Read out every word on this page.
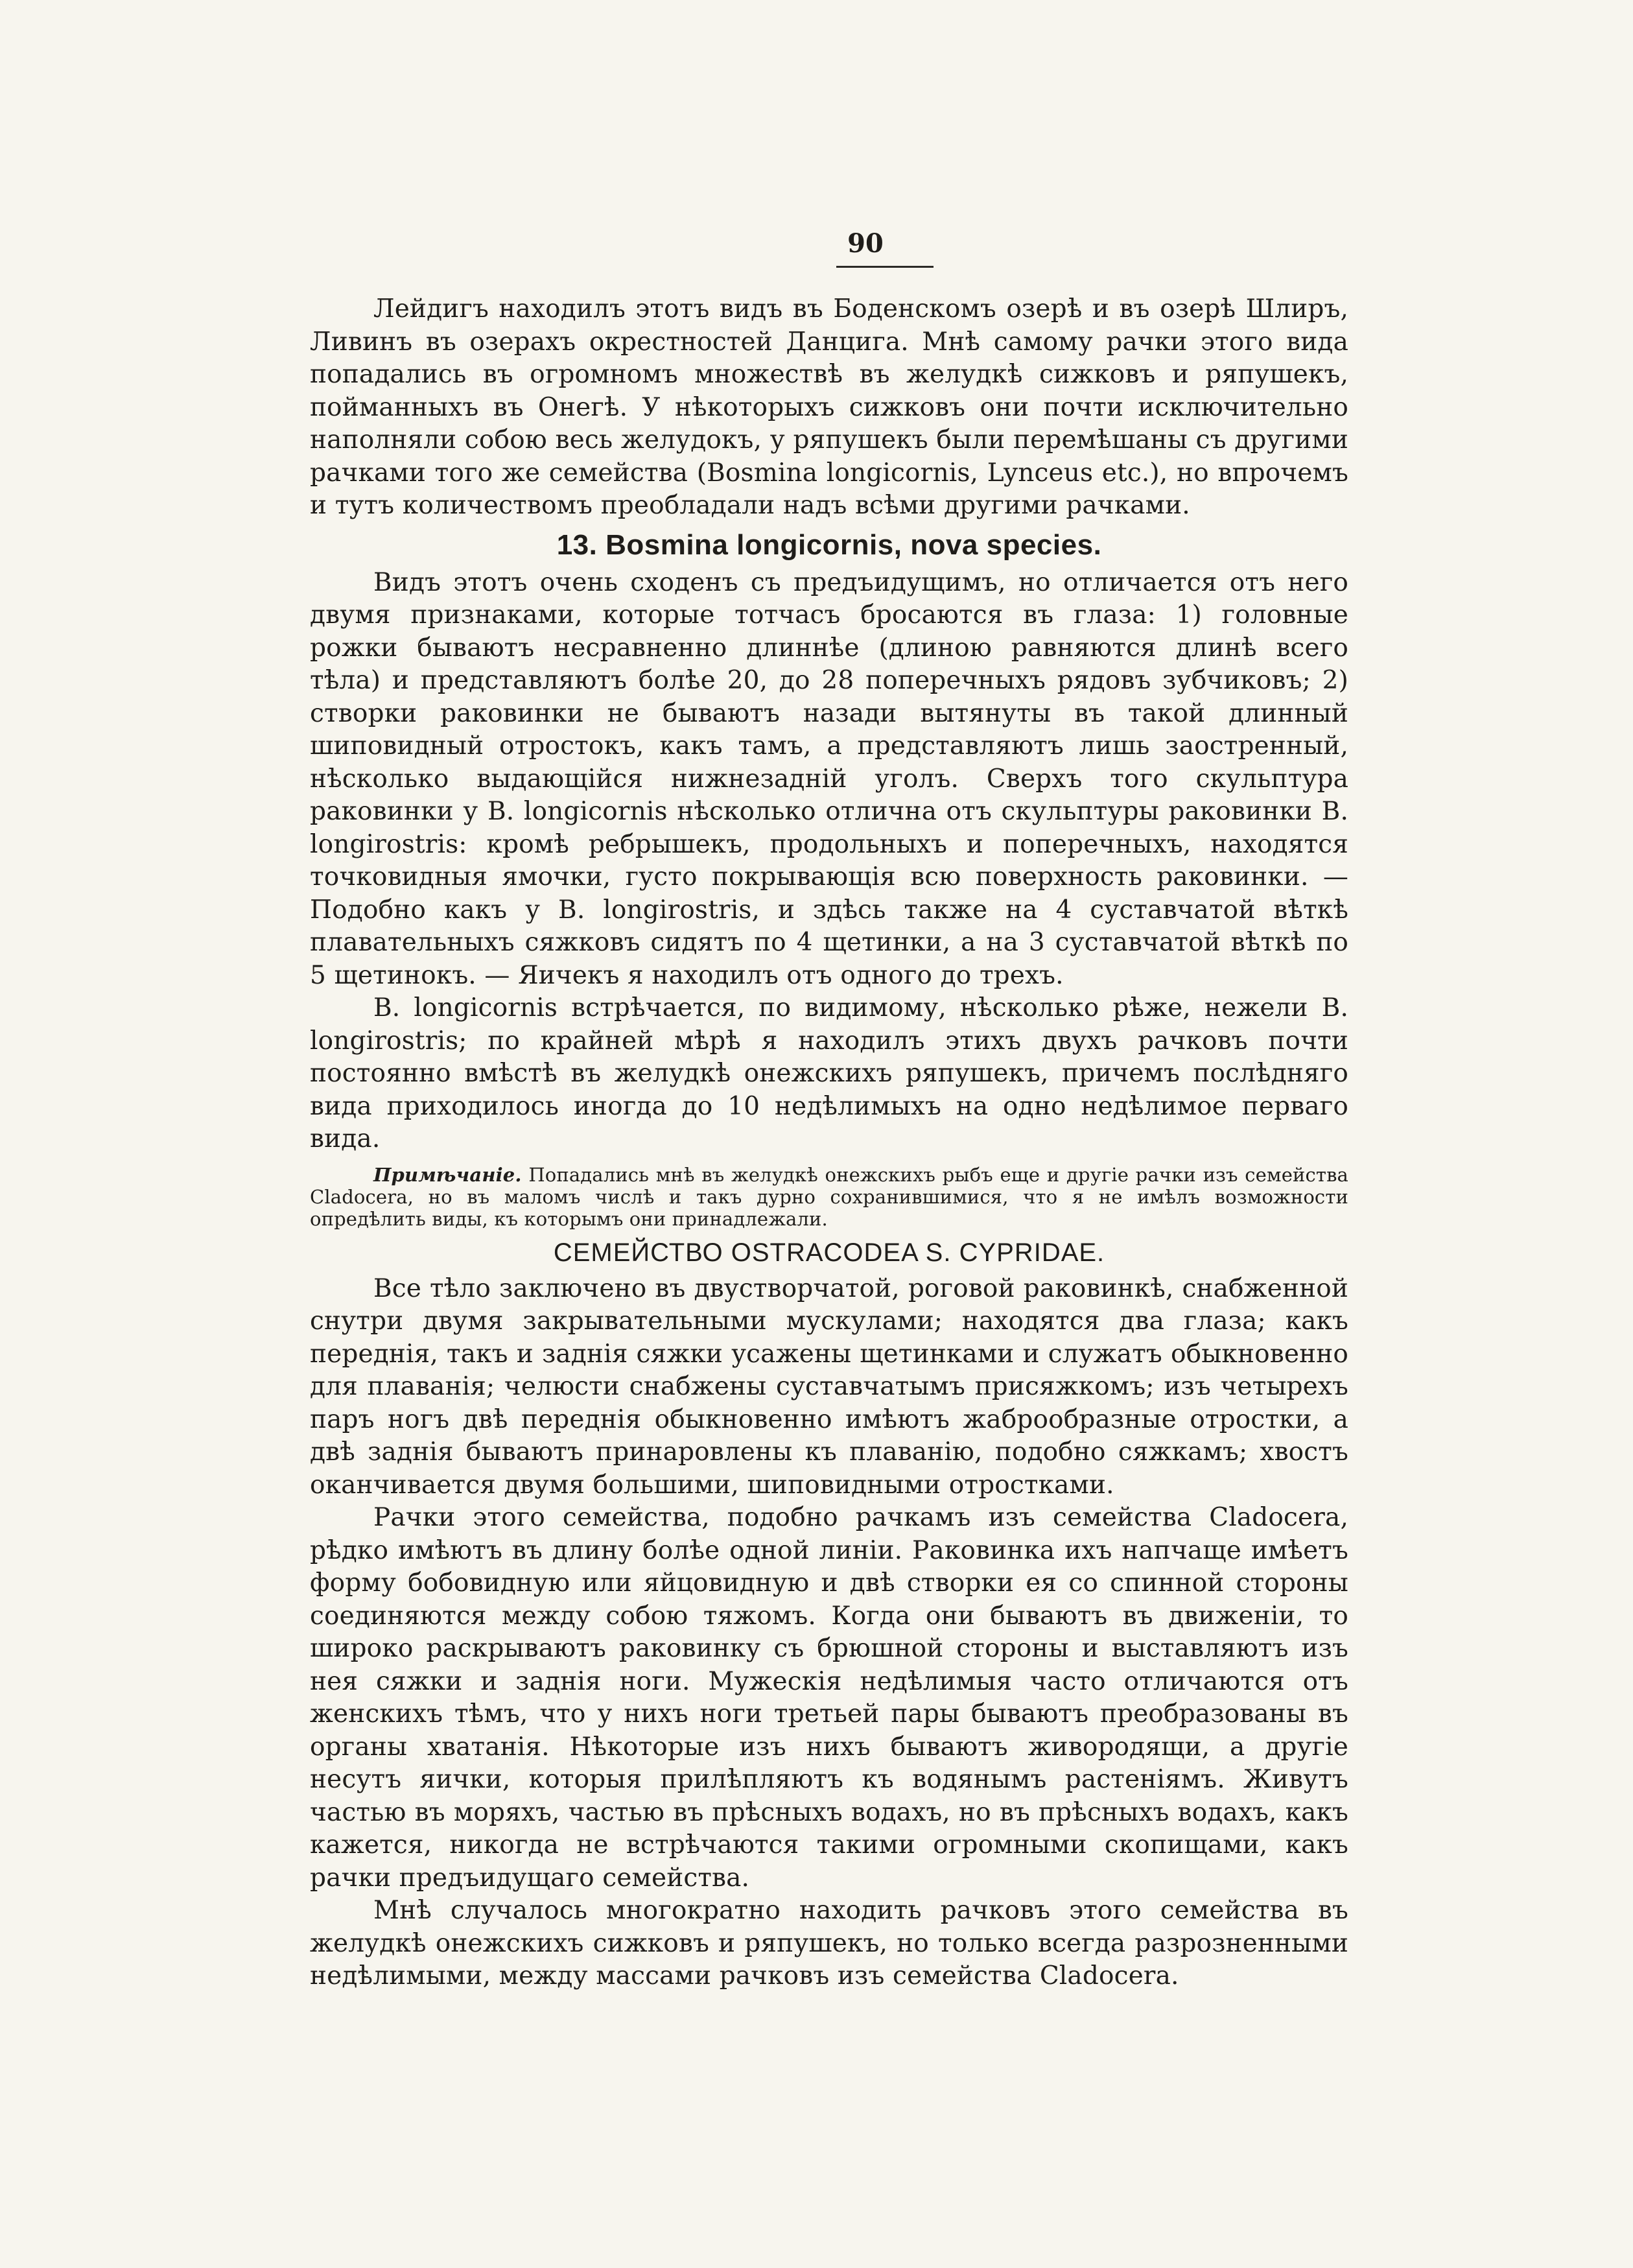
90

Лейдигъ находилъ этотъ видъ въ Боденскомъ озерѣ и въ озерѣ Шлиръ, Ливинъ въ озерахъ окрестностей Данцига. Мнѣ самому рачки этого вида попадались въ огромномъ множествѣ въ желудкѣ сижковъ и ряпушекъ, пойманныхъ въ Онегѣ. У нѣкоторыхъ сижковъ они почти исключительно наполняли собою весь желудокъ, у ряпушекъ были перемѣшаны съ другими рачками того же семейства (Bosmina longicornis, Lynceus etc.), но впрочемъ и тутъ количествомъ преобладали надъ всѣми другими рачками.

13. Bosmina longicornis, nova species.

Видъ этотъ очень сходенъ съ предъидущимъ, но отличается отъ него двумя признаками, которые тотчасъ бросаются въ глаза: 1) головные рожки бываютъ несравненно длиннѣе (длиною равняются длинѣ всего тѣла) и представляютъ болѣе 20, до 28 поперечныхъ рядовъ зубчиковъ; 2) створки раковинки не бываютъ назади вытянуты въ такой длинный шиповидный отростокъ, какъ тамъ, а представляютъ лишь заостренный, нѣсколько выдающійся нижнезадній уголъ. Сверхъ того скульптура раковинки у B. longicornis нѣсколько отлична отъ скульптуры раковинки B. longirostris: кромѣ ребрышекъ, продольныхъ и поперечныхъ, находятся точковидныя ямочки, густо покрывающія всю поверхность раковинки. — Подобно какъ у B. longirostris, и здѣсь также на 4 суставчатой вѣткѣ плавательныхъ сяжковъ сидятъ по 4 щетинки, а на 3 суставчатой вѣткѣ по 5 щетинокъ. — Яичекъ я находилъ отъ одного до трехъ.

B. longicornis встрѣчается, по видимому, нѣсколько рѣже, нежели B. longirostris; по крайней мѣрѣ я находилъ этихъ двухъ рачковъ почти постоянно вмѣстѣ въ желудкѣ онежскихъ ряпушекъ, причемъ послѣдняго вида приходилось иногда до 10 недѣлимыхъ на одно недѣлимое перваго вида.

Примѣчаніе. Попадались мнѣ въ желудкѣ онежскихъ рыбъ еще и другіе рачки изъ семейства Cladocera, но въ маломъ числѣ и такъ дурно сохранившимися, что я не имѣлъ возможности опредѣлить виды, къ которымъ они принадлежали.

СЕМЕЙСТВО OSTRACODEA S. CYPRIDAE.

Все тѣло заключено въ двустворчатой, роговой раковинкѣ, снабженной снутри двумя закрывательными мускулами; находятся два глаза; какъ переднія, такъ и заднія сяжки усажены щетинками и служатъ обыкновенно для плаванія; челюсти снабжены суставчатымъ присяжкомъ; изъ четырехъ паръ ногъ двѣ переднія обыкновенно имѣютъ жаброобразные отростки, а двѣ заднія бываютъ принаровлены къ плаванію, подобно сяжкамъ; хвостъ оканчивается двумя большими, шиповидными отростками.

Рачки этого семейства, подобно рачкамъ изъ семейства Cladocera, рѣдко имѣютъ въ длину болѣе одной линіи. Раковинка ихъ напчаще имѣетъ форму бобовидную или яйцовидную и двѣ створки ея со спинной стороны соединяются между собою тяжомъ. Когда они бываютъ въ движеніи, то широко раскрываютъ раковинку съ брюшной стороны и выставляютъ изъ нея сяжки и заднія ноги. Мужескія недѣлимыя часто отличаются отъ женскихъ тѣмъ, что у нихъ ноги третьей пары бываютъ преобразованы въ органы хватанія. Нѣкоторые изъ нихъ бываютъ живородящи, а другіе несутъ яички, которыя прилѣпляютъ къ водянымъ растеніямъ. Живутъ частью въ моряхъ, частью въ прѣсныхъ водахъ, но въ прѣсныхъ водахъ, какъ кажется, никогда не встрѣчаются такими огромными скопищами, какъ рачки предъидущаго семейства.

Мнѣ случалось многократно находить рачковъ этого семейства въ желудкѣ онежскихъ сижковъ и ряпушекъ, но только всегда разрозненными недѣлимыми, между массами рачковъ изъ семейства Cladocera.
